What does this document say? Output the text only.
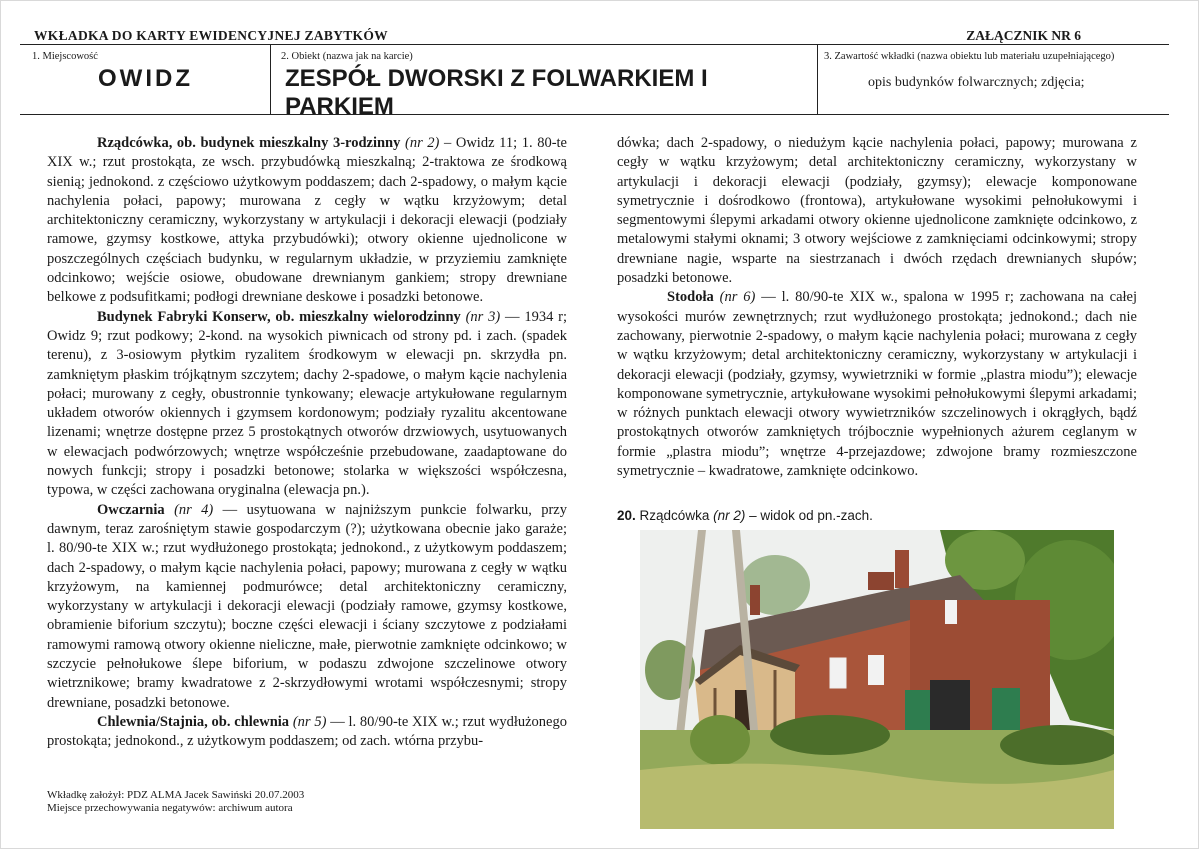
WKŁADKA DO KARTY EWIDENCYJNEJ ZABYTKÓW	ZAŁĄCZNIK NR 6
1. Miejscowość
OWIDZ
2. Obiekt (nazwa jak na karcie)
ZESPÓŁ DWORSKI Z FOLWARKIEM I PARKIEM
3. Zawartość wkładki (nazwa obiektu lub materiału uzupełniającego)
opis budynków folwarcznych; zdjęcia;

Rządcówka, ob. budynek mieszkalny 3-rodzinny (nr 2) – Owidz 11; 1. 80-te XIX w.; rzut prostokąta, ze wsch. przybudówką mieszkalną; 2-traktowa ze środkową sienią; jednokond. z częściowo użytkowym poddaszem; dach 2-spadowy, o małym kącie nachylenia połaci, papowy; murowana z cegły w wątku krzyżowym; detal architektoniczny ceramiczny, wykorzystany w artykulacji i dekoracji elewacji (podziały ramowe, gzymsy kostkowe, attyka przybudówki); otwory okienne ujednolicone w poszczególnych częściach budynku, w regularnym układzie, w przyziemiu zamknięte odcinkowo; wejście osiowe, obudowane drewnianym gankiem; stropy drewniane belkowe z podsufitkami; podłogi drewniane deskowe i posadzki betonowe.

Budynek Fabryki Konserw, ob. mieszkalny wielorodzinny (nr 3) — 1934 r; Owidz 9; rzut podkowy; 2-kond. na wysokich piwnicach od strony pd. i zach. (spadek terenu), z 3-osiowym płytkim ryzalitem środkowym w elewacji pn. skrzydła pn. zamkniętym płaskim trójkątnym szczytem; dachy 2-spadowe, o małym kącie nachylenia połaci; murowany z cegły, obustronnie tynkowany; elewacje artykułowane regularnym układem otworów okiennych i gzymsem kordonowym; podziały ryzalitu akcentowane lizenami; wnętrze dostępne przez 5 prostokątnych otworów drzwiowych, usytuowanych w elewacjach podwórzowych; wnętrze współcześnie przebudowane, zaadaptowane do nowych funkcji; stropy i posadzki betonowe; stolarka w większości współczesna, typowa, w części zachowana oryginalna (elewacja pn.).

Owczarnia (nr 4) — usytuowana w najniższym punkcie folwarku, przy dawnym, teraz zarośniętym stawie gospodarczym (?); użytkowana obecnie jako garaże; l. 80/90-te XIX w.; rzut wydłużonego prostokąta; jednokond., z użytkowym poddaszem; dach 2-spadowy, o małym kącie nachylenia połaci, papowy; murowana z cegły w wątku krzyżowym, na kamiennej podmurówce; detal architektoniczny ceramiczny, wykorzystany w artykulacji i dekoracji elewacji (podziały ramowe, gzymsy kostkowe, obramienie biforium szczytu); boczne części elewacji i ściany szczytowe z podziałami ramowymi ramową otwory okienne nieliczne, małe, pierwotnie zamknięte odcinkowo; w szczycie pełnołukowe ślepe biforium, w podaszu zdwojone szczelinowe otwory wietrznikowe; bramy kwadratowe z 2-skrzydłowymi wrotami współczesnymi; stropy drewniane, posadzki betonowe.

Chlewnia/Stajnia, ob. chlewnia (nr 5) — l. 80/90-te XIX w.; rzut wydłużonego prostokąta; jednokond., z użytkowym poddaszem; od zach. wtórna przybu-

dówka; dach 2-spadowy, o niedużym kącie nachylenia połaci, papowy; murowana z cegły w wątku krzyżowym; detal architektoniczny ceramiczny, wykorzystany w artykulacji i dekoracji elewacji (podziały, gzymsy); elewacje komponowane symetrycznie i dośrodkowo (frontowa), artykułowane wysokimi pełnołukowymi i segmentowymi ślepymi arkadami otwory okienne ujednolicone zamknięte odcinkowo, z metalowymi stałymi oknami; 3 otwory wejściowe z zamknięciami odcinkowymi; stropy drewniane nagie, wsparte na siestrzanach i dwóch rzędach drewnianych słupów; posadzki betonowe.

Stodoła (nr 6) — l. 80/90-te XIX w., spalona w 1995 r; zachowana na całej wysokości murów zewnętrznych; rzut wydłużonego prostokąta; jednokond.; dach nie zachowany, pierwotnie 2-spadowy, o małym kącie nachylenia połaci; murowana z cegły w wątku krzyżowym; detal architektoniczny ceramiczny, wykorzystany w artykulacji i dekoracji elewacji (podziały, gzymsy, wywietrzniki w formie „plastra miodu”); elewacje komponowane symetrycznie, artykułowane wysokimi pełnołukowymi ślepymi arkadami; w różnych punktach elewacji otwory wywietrzników szczelinowych i okrągłych, bądź prostokątnych otworów zamkniętych trójbocznie wypełnionych ażurem ceglanym w formie „plastra miodu”; wnętrze 4-przejazdowe; zdwojone bramy rozmieszczone symetrycznie – kwadratowe, zamknięte odcinkowo.

20. Rządcówka (nr 2) – widok od pn.-zach.
Wkładkę założył: PDZ ALMA Jacek Sawiński 20.07.2003
Miejsce przechowywania negatywów: archiwum autora
